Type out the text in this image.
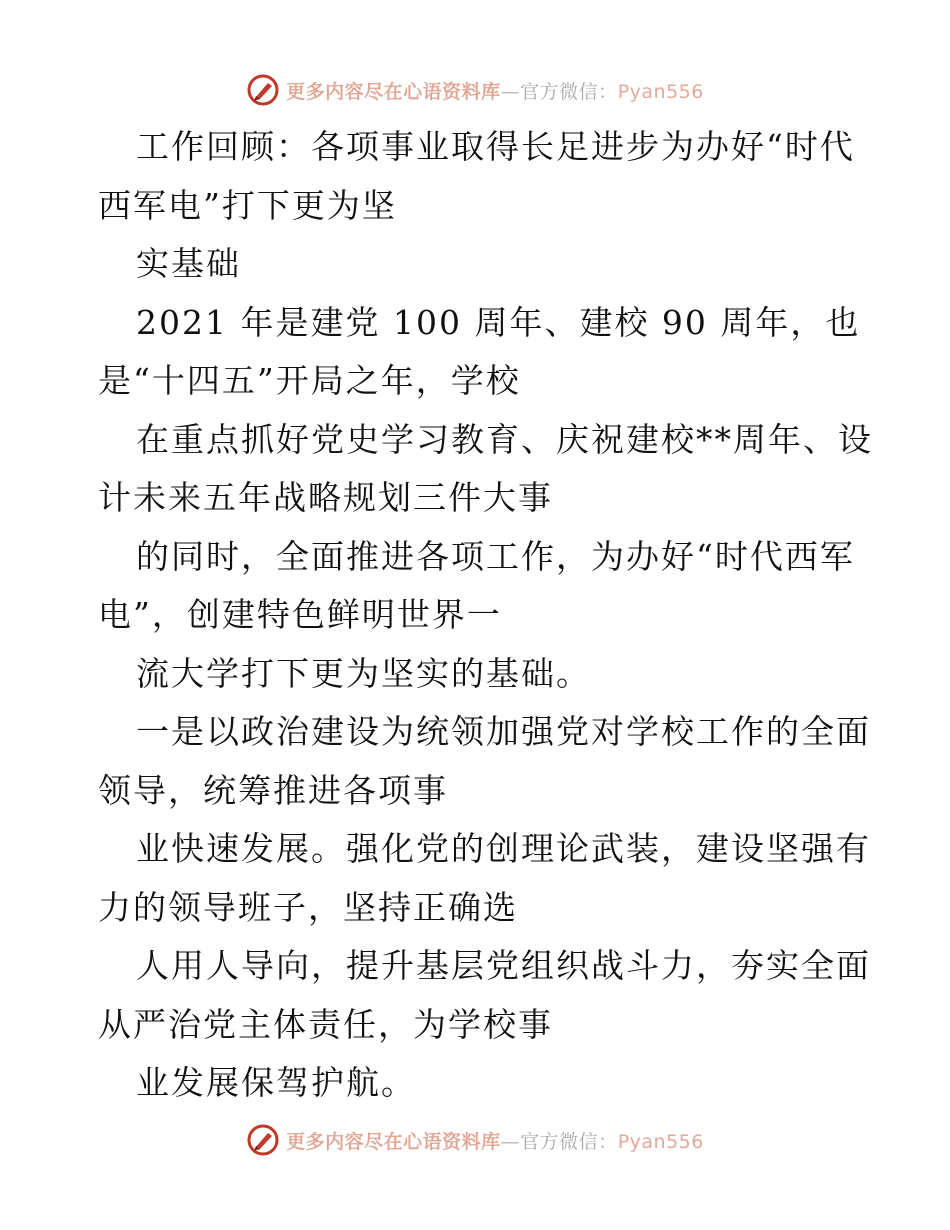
更多内容尽在心语资料库—官方微信：Pyan556
工作回顾：各项事业取得长足进步为办好“时代
西军电”打下更为坚
实基础
2021 年是建党 100 周年、建校 90 周年，也
是“十四五”开局之年，学校
在重点抓好党史学习教育、庆祝建校**周年、设
计未来五年战略规划三件大事
的同时，全面推进各项工作，为办好“时代西军
电”，创建特色鲜明世界一
流大学打下更为坚实的基础。
一是以政治建设为统领加强党对学校工作的全面
领导，统筹推进各项事
业快速发展。强化党的创理论武装，建设坚强有
力的领导班子，坚持正确选
人用人导向，提升基层党组织战斗力，夯实全面
从严治党主体责任，为学校事
业发展保驾护航。
更多内容尽在心语资料库—官方微信：Pyan556
